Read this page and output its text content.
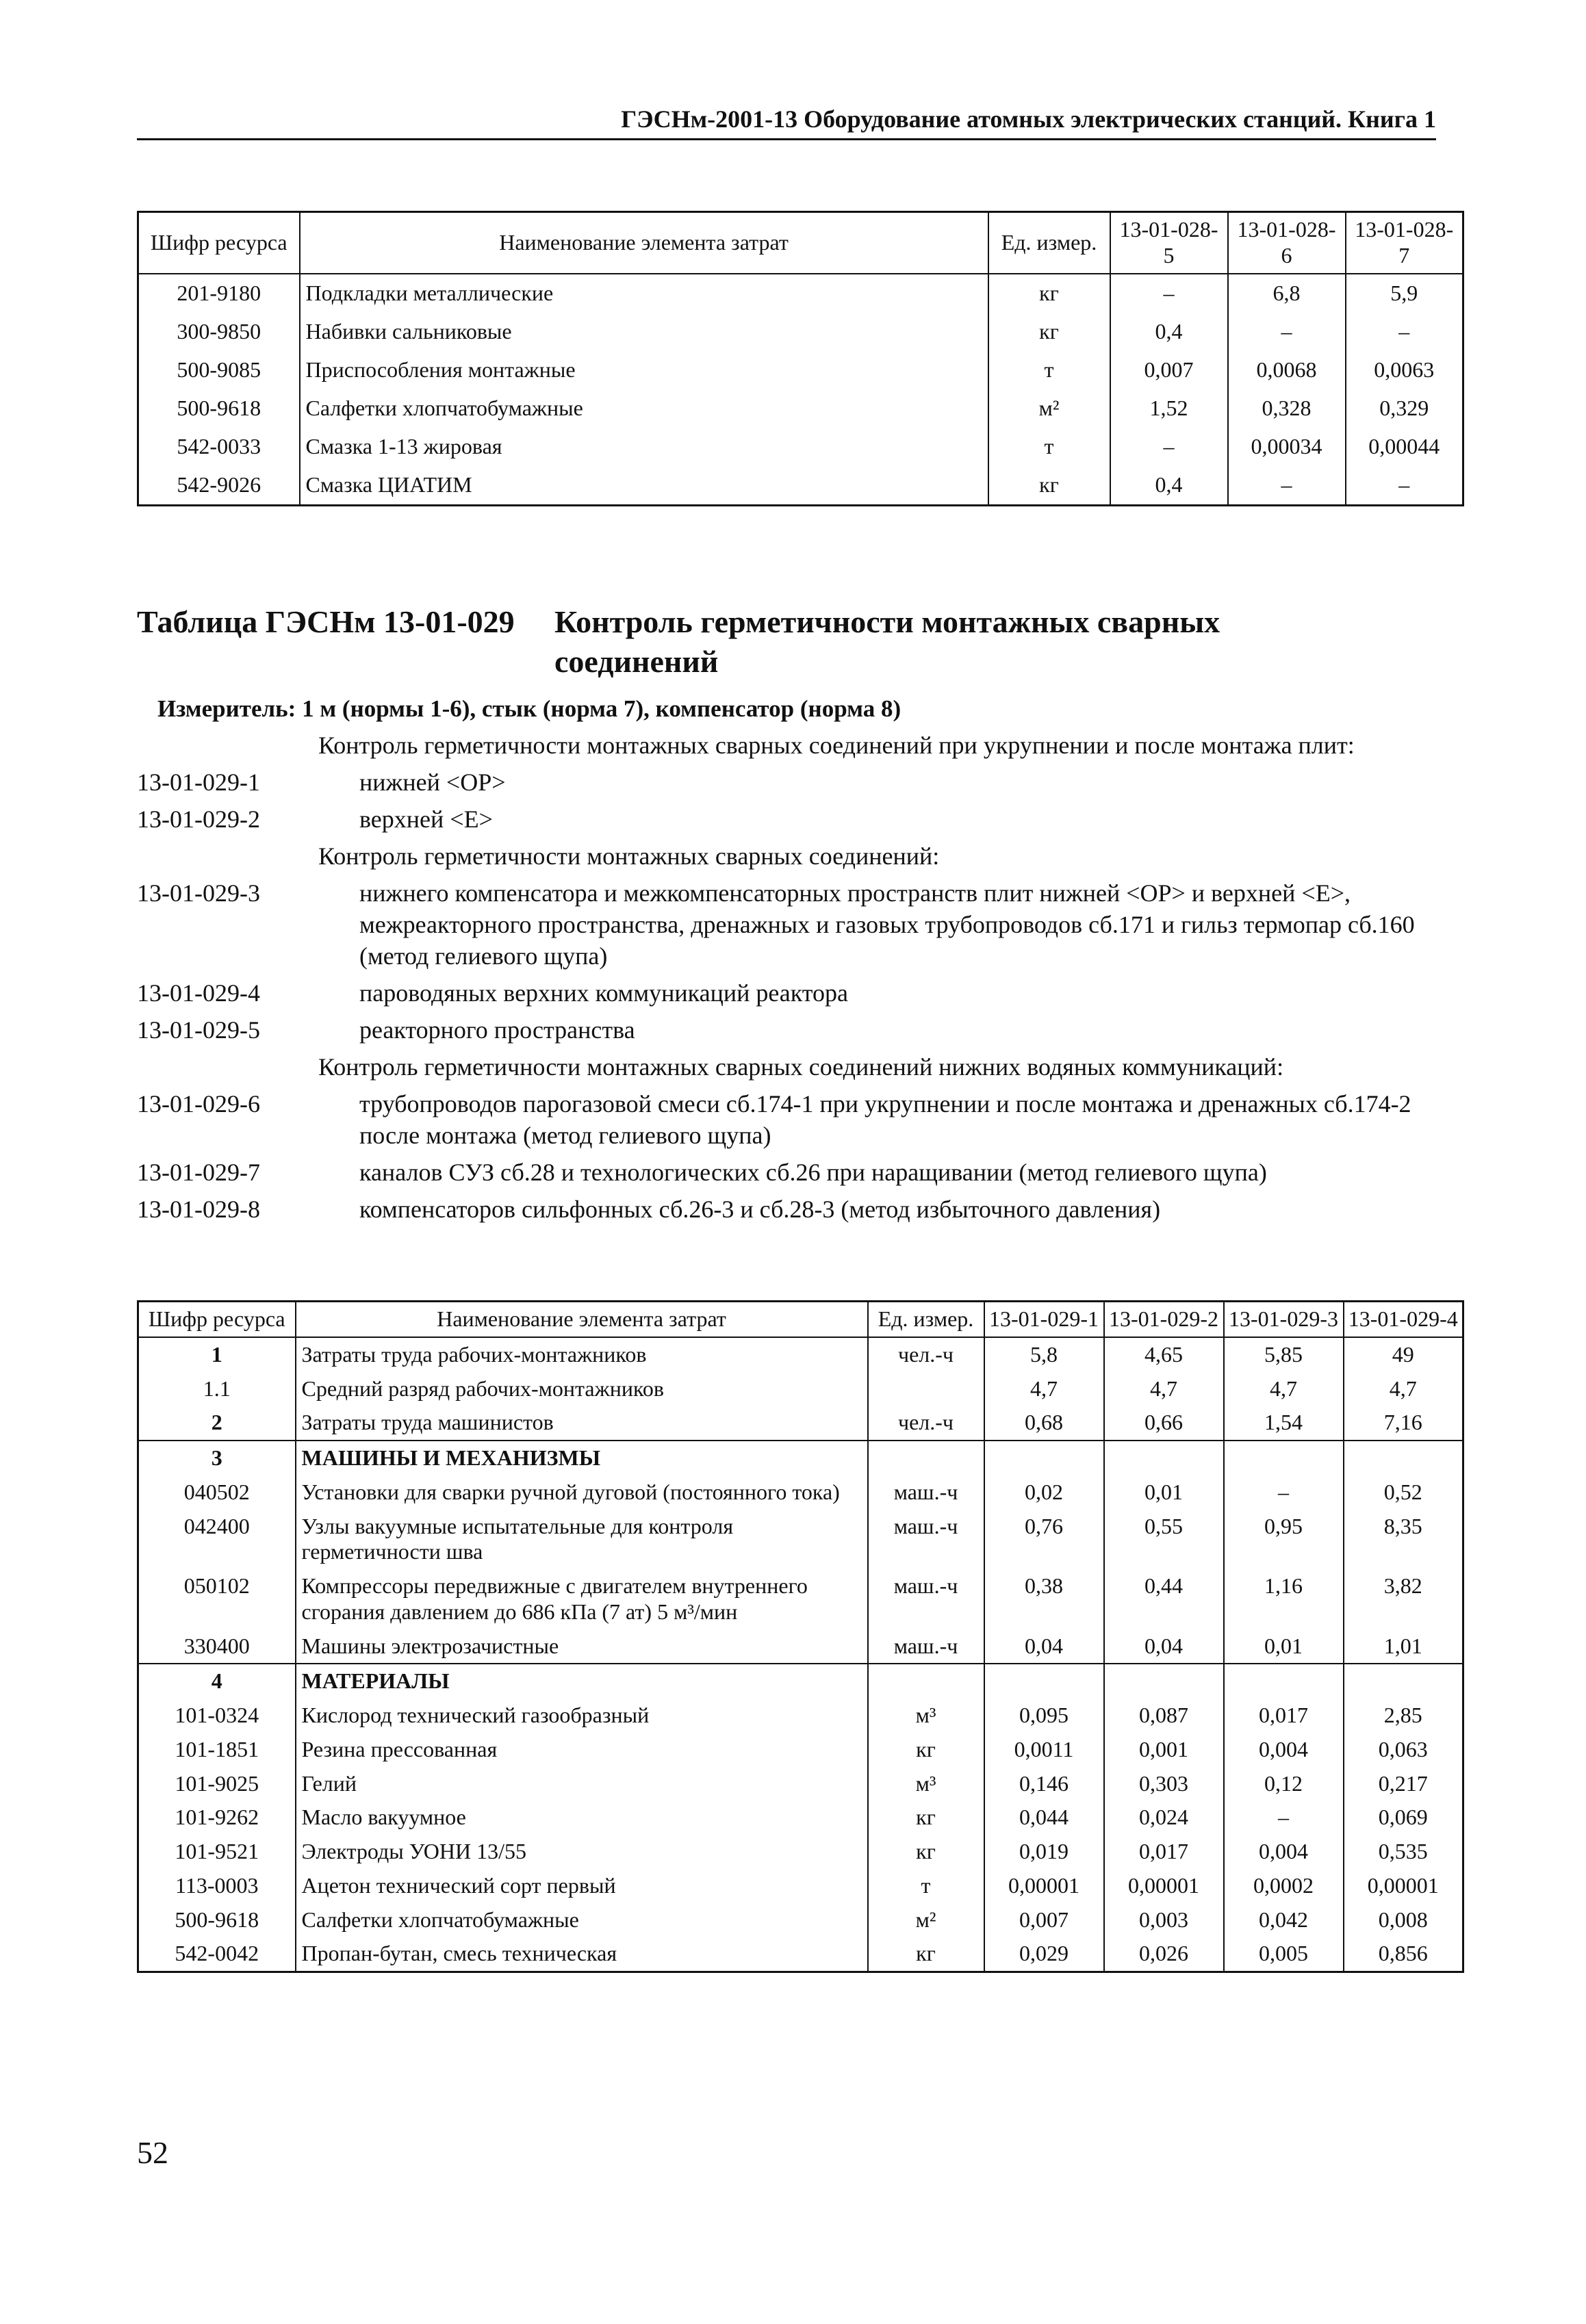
ГЭСНм-2001-13 Оборудование атомных электрических станций. Книга 1
Шифр ресурса	Наименование элемента затрат	Ед. измер.	13-01-028-5	13-01-028-6	13-01-028-7
201-9180	Подкладки металлические	кг	–	6,8	5,9
300-9850	Набивки сальниковые	кг	0,4	–	–
500-9085	Приспособления монтажные	т	0,007	0,0068	0,0063
500-9618	Салфетки хлопчатобумажные	м²	1,52	0,328	0,329
542-0033	Смазка 1-13 жировая	т	–	0,00034	0,00044
542-9026	Смазка ЦИАТИМ	кг	0,4	–	–
Таблица ГЭСНм 13-01-029 Контроль герметичности монтажных сварных
соединений
Измеритель: 1 м (нормы 1-6), стык (норма 7), компенсатор (норма 8)
Контроль герметичности монтажных сварных соединений при укрупнении и после монтажа плит:
13-01-029-1	нижней <ОР>
13-01-029-2	верхней <Е>
Контроль герметичности монтажных сварных соединений:
13-01-029-3	нижнего компенсатора и межкомпенсаторных пространств плит нижней <ОР> и верхней <Е>, межреакторного пространства, дренажных и газовых трубопроводов сб.171 и гильз термопар сб.160 (метод гелиевого щупа)
13-01-029-4	пароводяных верхних коммуникаций реактора
13-01-029-5	реакторного пространства
Контроль герметичности монтажных сварных соединений нижних водяных коммуникаций:
13-01-029-6	трубопроводов парогазовой смеси сб.174-1 при укрупнении и после монтажа и дренажных сб.174-2 после монтажа (метод гелиевого щупа)
13-01-029-7	каналов СУЗ сб.28 и технологических сб.26 при наращивании (метод гелиевого щупа)
13-01-029-8	компенсаторов сильфонных сб.26-3 и сб.28-3 (метод избыточного давления)
Шифр ресурса	Наименование элемента затрат	Ед. измер.	13-01-029-1	13-01-029-2	13-01-029-3	13-01-029-4
1	Затраты труда рабочих-монтажников	чел.-ч	5,8	4,65	5,85	49
1.1	Средний разряд рабочих-монтажников		4,7	4,7	4,7	4,7
2	Затраты труда машинистов	чел.-ч	0,68	0,66	1,54	7,16
3	МАШИНЫ И МЕХАНИЗМЫ					
040502	Установки для сварки ручной дуговой (постоянного тока)	маш.-ч	0,02	0,01	–	0,52
042400	Узлы вакуумные испытательные для контроля герметичности шва	маш.-ч	0,76	0,55	0,95	8,35
050102	Компрессоры передвижные с двигателем внутреннего сгорания давлением до 686 кПа (7 ат) 5 м³/мин	маш.-ч	0,38	0,44	1,16	3,82
330400	Машины электрозачистные	маш.-ч	0,04	0,04	0,01	1,01
4	МАТЕРИАЛЫ					
101-0324	Кислород технический газообразный	м³	0,095	0,087	0,017	2,85
101-1851	Резина прессованная	кг	0,0011	0,001	0,004	0,063
101-9025	Гелий	м³	0,146	0,303	0,12	0,217
101-9262	Масло вакуумное	кг	0,044	0,024	–	0,069
101-9521	Электроды УОНИ 13/55	кг	0,019	0,017	0,004	0,535
113-0003	Ацетон технический сорт первый	т	0,00001	0,00001	0,0002	0,00001
500-9618	Салфетки хлопчатобумажные	м²	0,007	0,003	0,042	0,008
542-0042	Пропан-бутан, смесь техническая	кг	0,029	0,026	0,005	0,856
52
